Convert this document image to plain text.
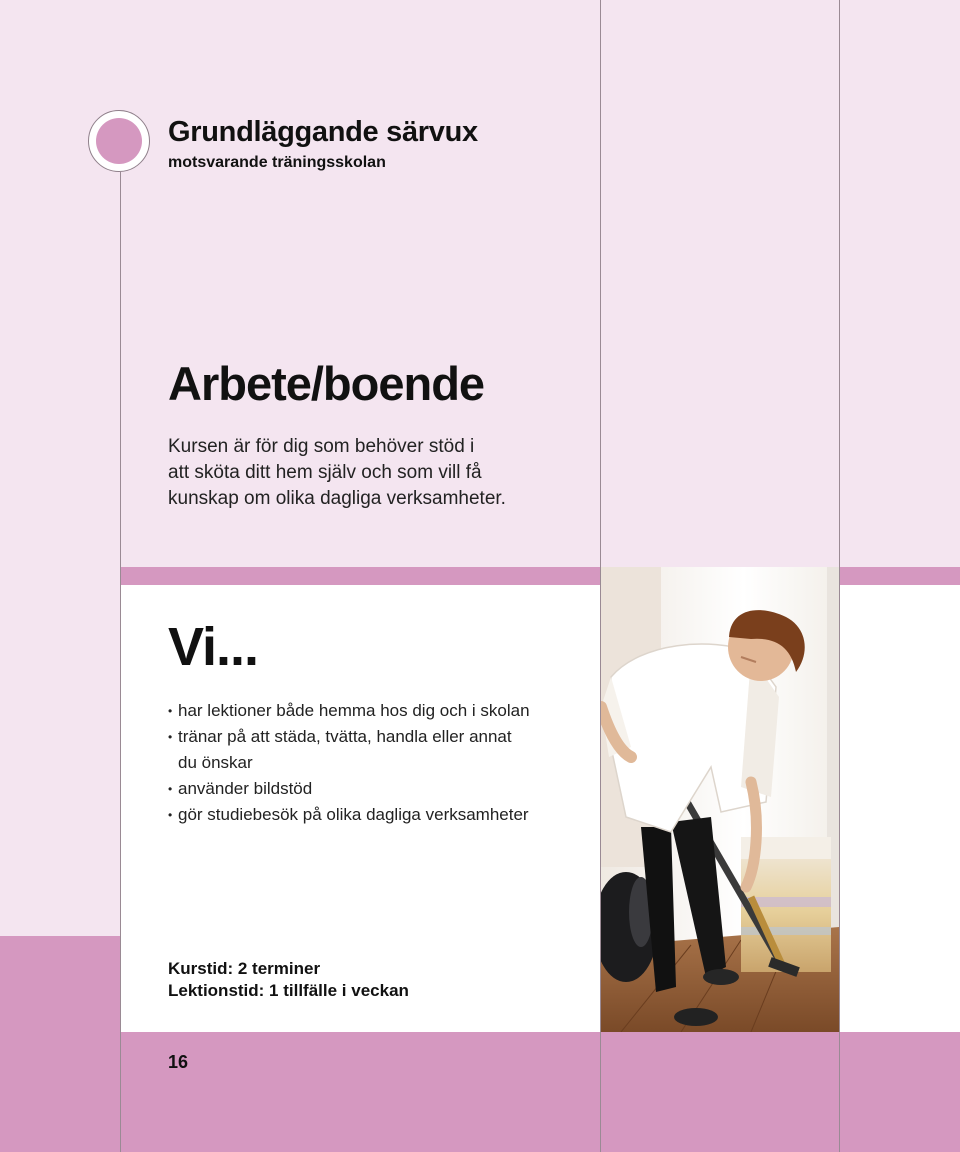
Grundläggande särvux
motsvarande träningsskolan
Arbete/boende
Kursen är för dig som behöver stöd i
att sköta ditt hem själv och som vill få
kunskap om olika dagliga verksamheter.
Vi...
• har lektioner både hemma hos dig och i skolan
• tränar på att städa, tvätta, handla eller annat
du önskar
• använder bildstöd
• gör studiebesök på olika dagliga verksamheter
Kurstid: 2 terminer
Lektionstid: 1 tillfälle i veckan
16
